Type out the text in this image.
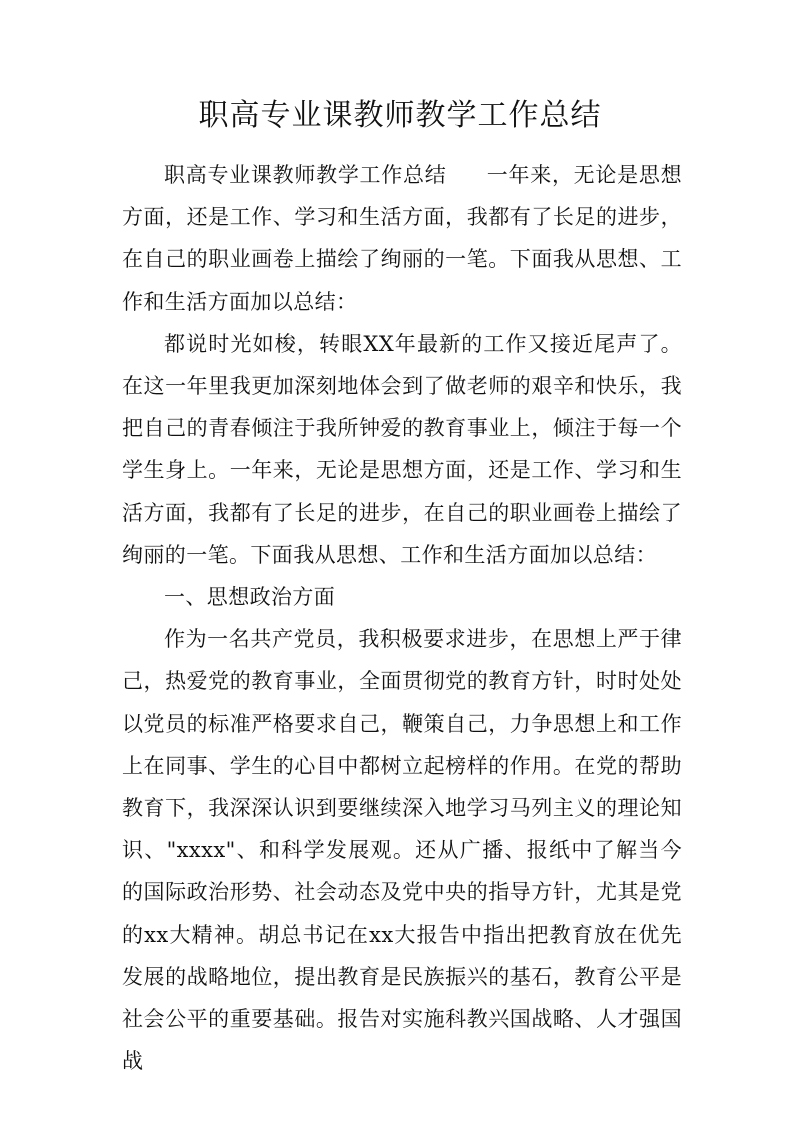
职高专业课教师教学工作总结

职高专业课教师教学工作总结 一年来，无论是思想方面，还是工作、学习和生活方面，我都有了长足的进步，在自己的职业画卷上描绘了绚丽的一笔。下面我从思想、工作和生活方面加以总结：

都说时光如梭，转眼XX年最新的工作又接近尾声了。在这一年里我更加深刻地体会到了做老师的艰辛和快乐，我把自己的青春倾注于我所钟爱的教育事业上，倾注于每一个学生身上。一年来，无论是思想方面，还是工作、学习和生活方面，我都有了长足的进步，在自己的职业画卷上描绘了绚丽的一笔。下面我从思想、工作和生活方面加以总结：

一、思想政治方面

作为一名共产党员，我积极要求进步，在思想上严于律己，热爱党的教育事业，全面贯彻党的教育方针，时时处处以党员的标准严格要求自己，鞭策自己，力争思想上和工作上在同事、学生的心目中都树立起榜样的作用。在党的帮助教育下，我深深认识到要继续深入地学习马列主义的理论知识、"xxxx"、和科学发展观。还从广播、报纸中了解当今的国际政治形势、社会动态及党中央的指导方针，尤其是党的xx大精神。胡总书记在xx大报告中指出把教育放在优先发展的战略地位，提出教育是民族振兴的基石，教育公平是社会公平的重要基础。报告对实施科教兴国战略、人才强国战
